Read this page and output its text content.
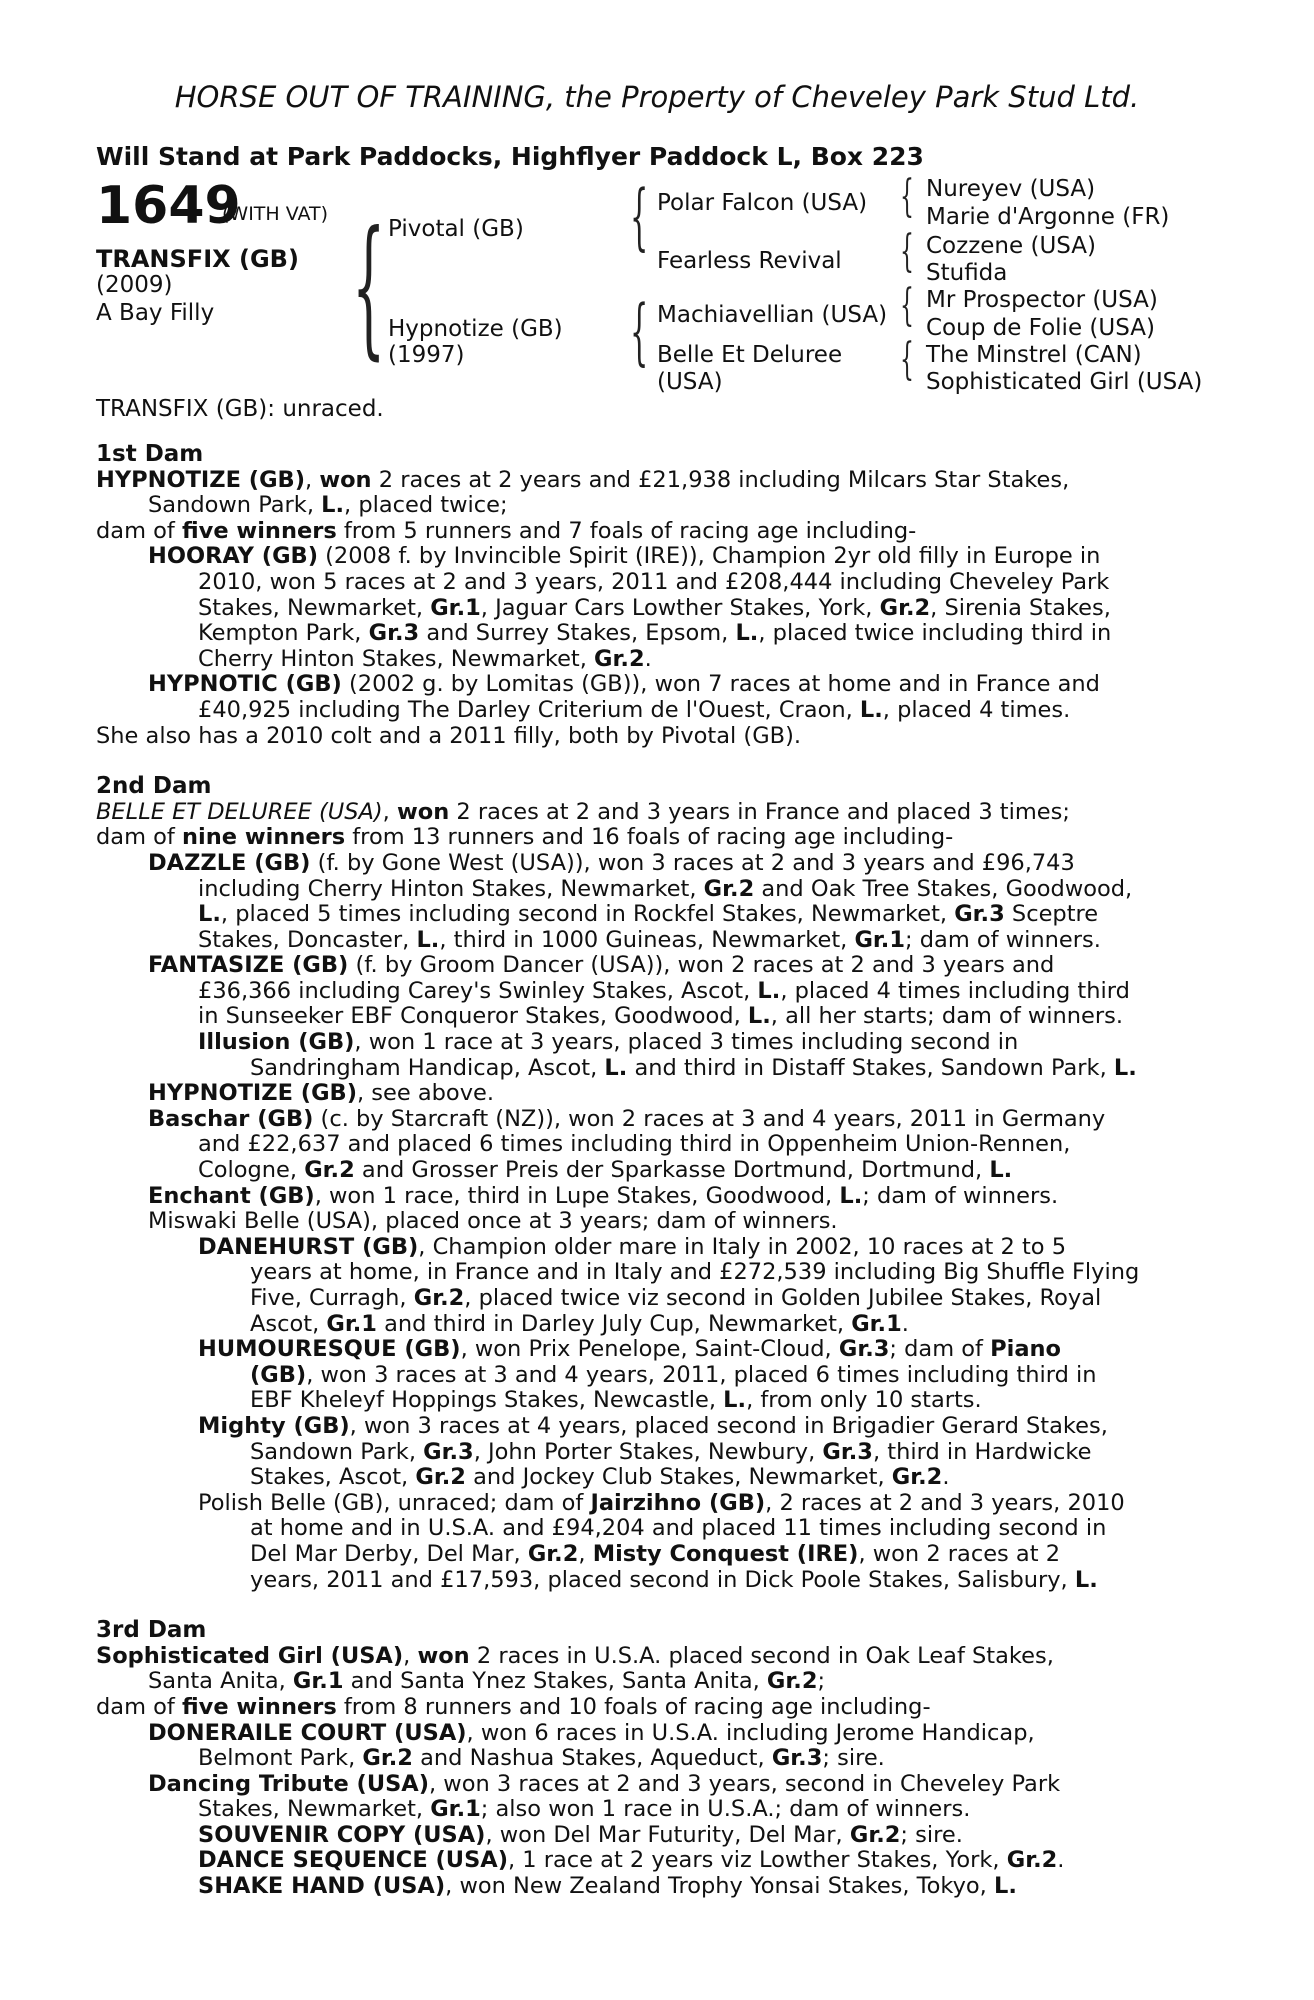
HORSE OUT OF TRAINING, the Property of Cheveley Park Stud Ltd.
Will Stand at Park Paddocks, Highflyer Paddock L, Box 223
1649
(WITH VAT)
TRANSFIX (GB)
(2009)
A Bay Filly {	{
{
{
{
{
{
Pivotal (GB)
Hypnotize (GB)
(1997)
Polar Falcon (USA)
Fearless Revival
Machiavellian (USA)
Belle Et Deluree
(USA)
Nureyev (USA)
Marie d'Argonne (FR)
Cozzene (USA)
Stufida
Mr Prospector (USA)
Coup de Folie (USA)
The Minstrel (CAN)
Sophisticated Girl (USA)
TRANSFIX (GB): unraced.
1st Dam
HYPNOTIZE (GB), won 2 races at 2 years and £21,938 including Milcars Star Stakes,
Sandown Park, L., placed twice;
dam of five winners from 5 runners and 7 foals of racing age including-
HOORAY (GB) (2008 f. by Invincible Spirit (IRE)), Champion 2yr old filly in Europe in
2010, won 5 races at 2 and 3 years, 2011 and £208,444 including Cheveley Park
Stakes, Newmarket, Gr.1, Jaguar Cars Lowther Stakes, York, Gr.2, Sirenia Stakes,
Kempton Park, Gr.3 and Surrey Stakes, Epsom, L., placed twice including third in
Cherry Hinton Stakes, Newmarket, Gr.2.
HYPNOTIC (GB) (2002 g. by Lomitas (GB)), won 7 races at home and in France and
£40,925 including The Darley Criterium de l'Ouest, Craon, L., placed 4 times.
She also has a 2010 colt and a 2011 filly, both by Pivotal (GB).
2nd Dam
BELLE ET DELUREE (USA), won 2 races at 2 and 3 years in France and placed 3 times;
dam of nine winners from 13 runners and 16 foals of racing age including-
DAZZLE (GB) (f. by Gone West (USA)), won 3 races at 2 and 3 years and £96,743
including Cherry Hinton Stakes, Newmarket, Gr.2 and Oak Tree Stakes, Goodwood,
L., placed 5 times including second in Rockfel Stakes, Newmarket, Gr.3 Sceptre
Stakes, Doncaster, L., third in 1000 Guineas, Newmarket, Gr.1; dam of winners.
FANTASIZE (GB) (f. by Groom Dancer (USA)), won 2 races at 2 and 3 years and
£36,366 including Carey's Swinley Stakes, Ascot, L., placed 4 times including third
in Sunseeker EBF Conqueror Stakes, Goodwood, L., all her starts; dam of winners.
Illusion (GB), won 1 race at 3 years, placed 3 times including second in
Sandringham Handicap, Ascot, L. and third in Distaff Stakes, Sandown Park, L.
HYPNOTIZE (GB), see above.
Baschar (GB) (c. by Starcraft (NZ)), won 2 races at 3 and 4 years, 2011 in Germany
and £22,637 and placed 6 times including third in Oppenheim Union-Rennen,
Cologne, Gr.2 and Grosser Preis der Sparkasse Dortmund, Dortmund, L.
Enchant (GB), won 1 race, third in Lupe Stakes, Goodwood, L.; dam of winners.
Miswaki Belle (USA), placed once at 3 years; dam of winners.
DANEHURST (GB), Champion older mare in Italy in 2002, 10 races at 2 to 5
years at home, in France and in Italy and £272,539 including Big Shuffle Flying
Five, Curragh, Gr.2, placed twice viz second in Golden Jubilee Stakes, Royal
Ascot, Gr.1 and third in Darley July Cup, Newmarket, Gr.1.
HUMOURESQUE (GB), won Prix Penelope, Saint-Cloud, Gr.3; dam of Piano
(GB), won 3 races at 3 and 4 years, 2011, placed 6 times including third in
EBF Kheleyf Hoppings Stakes, Newcastle, L., from only 10 starts.
Mighty (GB), won 3 races at 4 years, placed second in Brigadier Gerard Stakes,
Sandown Park, Gr.3, John Porter Stakes, Newbury, Gr.3, third in Hardwicke
Stakes, Ascot, Gr.2 and Jockey Club Stakes, Newmarket, Gr.2.
Polish Belle (GB), unraced; dam of Jairzihno (GB), 2 races at 2 and 3 years, 2010
at home and in U.S.A. and £94,204 and placed 11 times including second in
Del Mar Derby, Del Mar, Gr.2, Misty Conquest (IRE), won 2 races at 2
years, 2011 and £17,593, placed second in Dick Poole Stakes, Salisbury, L.
3rd Dam
Sophisticated Girl (USA), won 2 races in U.S.A. placed second in Oak Leaf Stakes,
Santa Anita, Gr.1 and Santa Ynez Stakes, Santa Anita, Gr.2;
dam of five winners from 8 runners and 10 foals of racing age including-
DONERAILE COURT (USA), won 6 races in U.S.A. including Jerome Handicap,
Belmont Park, Gr.2 and Nashua Stakes, Aqueduct, Gr.3; sire.
Dancing Tribute (USA), won 3 races at 2 and 3 years, second in Cheveley Park
Stakes, Newmarket, Gr.1; also won 1 race in U.S.A.; dam of winners.
SOUVENIR COPY (USA), won Del Mar Futurity, Del Mar, Gr.2; sire.
DANCE SEQUENCE (USA), 1 race at 2 years viz Lowther Stakes, York, Gr.2.
SHAKE HAND (USA), won New Zealand Trophy Yonsai Stakes, Tokyo, L.
